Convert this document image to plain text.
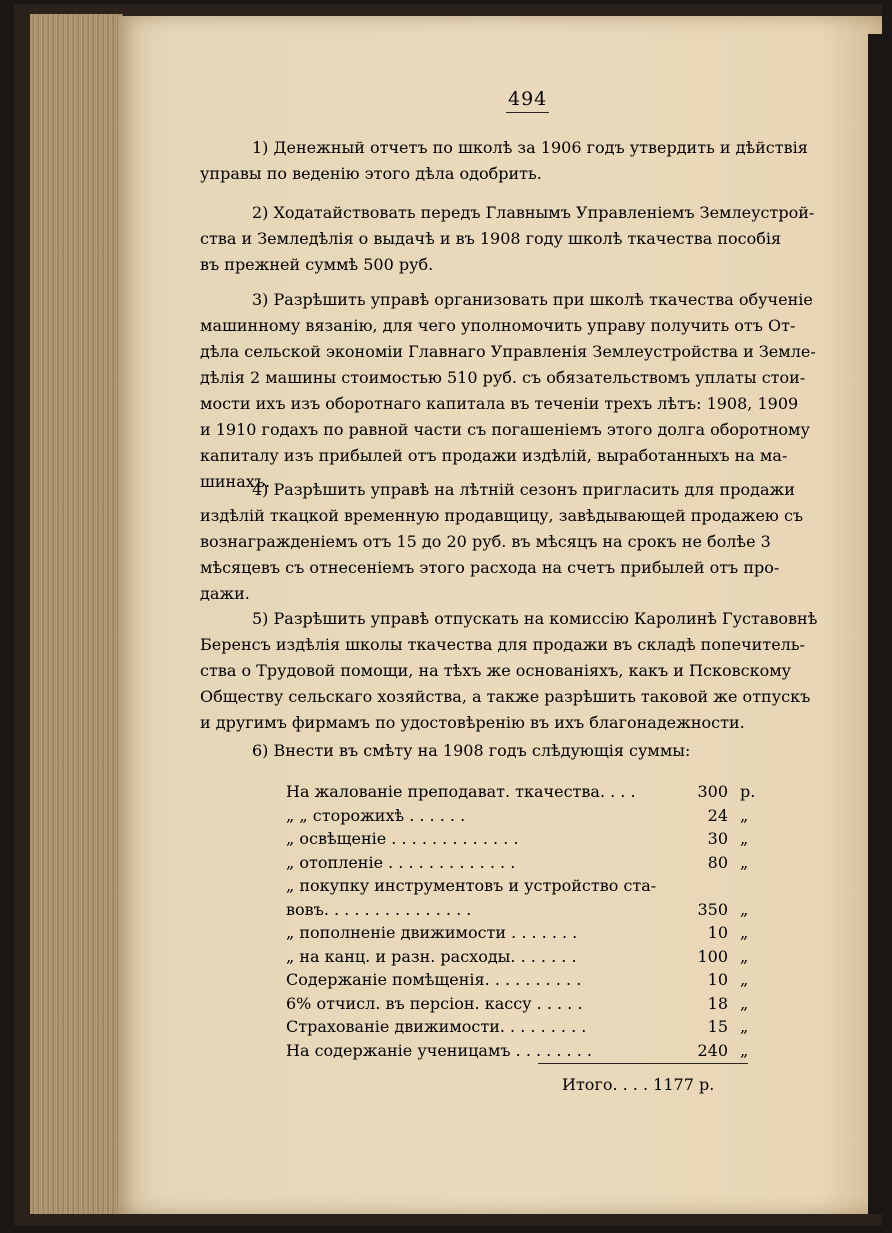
494
1) Денежный отчетъ по школѣ за 1906 годъ утвердить и дѣйствія
управы по веденію этого дѣла одобрить.
2) Ходатайствовать передъ Главнымъ Управленіемъ Землеустрой-
ства и Земледѣлія о выдачѣ и въ 1908 году школѣ ткачества пособія
въ прежней суммѣ 500 руб.
3) Разрѣшить управѣ организовать при школѣ ткачества обученіе
машинному вязанію, для чего уполномочить управу получить отъ От-
дѣла сельской экономіи Главнаго Управленія Землеустройства и Земле-
дѣлія 2 машины стоимостью 510 руб. съ обязательствомъ уплаты стои-
мости ихъ изъ оборотнаго капитала въ теченіи трехъ лѣтъ: 1908, 1909
и 1910 годахъ по равной части съ погашеніемъ этого долга оборотному
капиталу изъ прибылей отъ продажи издѣлій, выработанныхъ на ма-
шинахъ.
4) Разрѣшить управѣ на лѣтній сезонъ пригласить для продажи
издѣлій ткацкой временную продавщицу, завѣдывающей продажею съ
вознагражденіемъ отъ 15 до 20 руб. въ мѣсяцъ на срокъ не болѣе 3
мѣсяцевъ съ отнесеніемъ этого расхода на счетъ прибылей отъ про-
дажи.
5) Разрѣшить управѣ отпускать на комиссію Каролинѣ Густавовнѣ
Беренсъ издѣлія школы ткачества для продажи въ складѣ попечитель-
ства о Трудовой помощи, на тѣхъ же основаніяхъ, какъ и Псковскому
Обществу сельскаго хозяйства, а также разрѣшить таковой же отпускъ
и другимъ фирмамъ по удостовѣренію въ ихъ благонадежности.
6) Внести въ смѣту на 1908 годъ слѣдующія суммы:
На жалованіе преподават. ткачества. . . .	300 р.
„ „ сторожихѣ . . . . . .	24 „
„ освѣщеніе . . . . . . . . . . . . .	30 „
„ отопленіе . . . . . . . . . . . . .	80 „
„ покупку инструментовъ и устройство ста-
вовъ. . . . . . . . . . . . . . .	350 „
„ пополненіе движимости . . . . . . .	10 „
„ на канц. и разн. расходы. . . . . . .	100 „
Содержаніе помѣщенія. . . . . . . . . .	10 „
6% отчисл. въ персіон. кассу . . . . .	18 „
Страхованіе движимости. . . . . . . . .	15 „
На содержаніе ученицамъ . . . . . . . .	240 „
Итого. . . . 1177 р.
